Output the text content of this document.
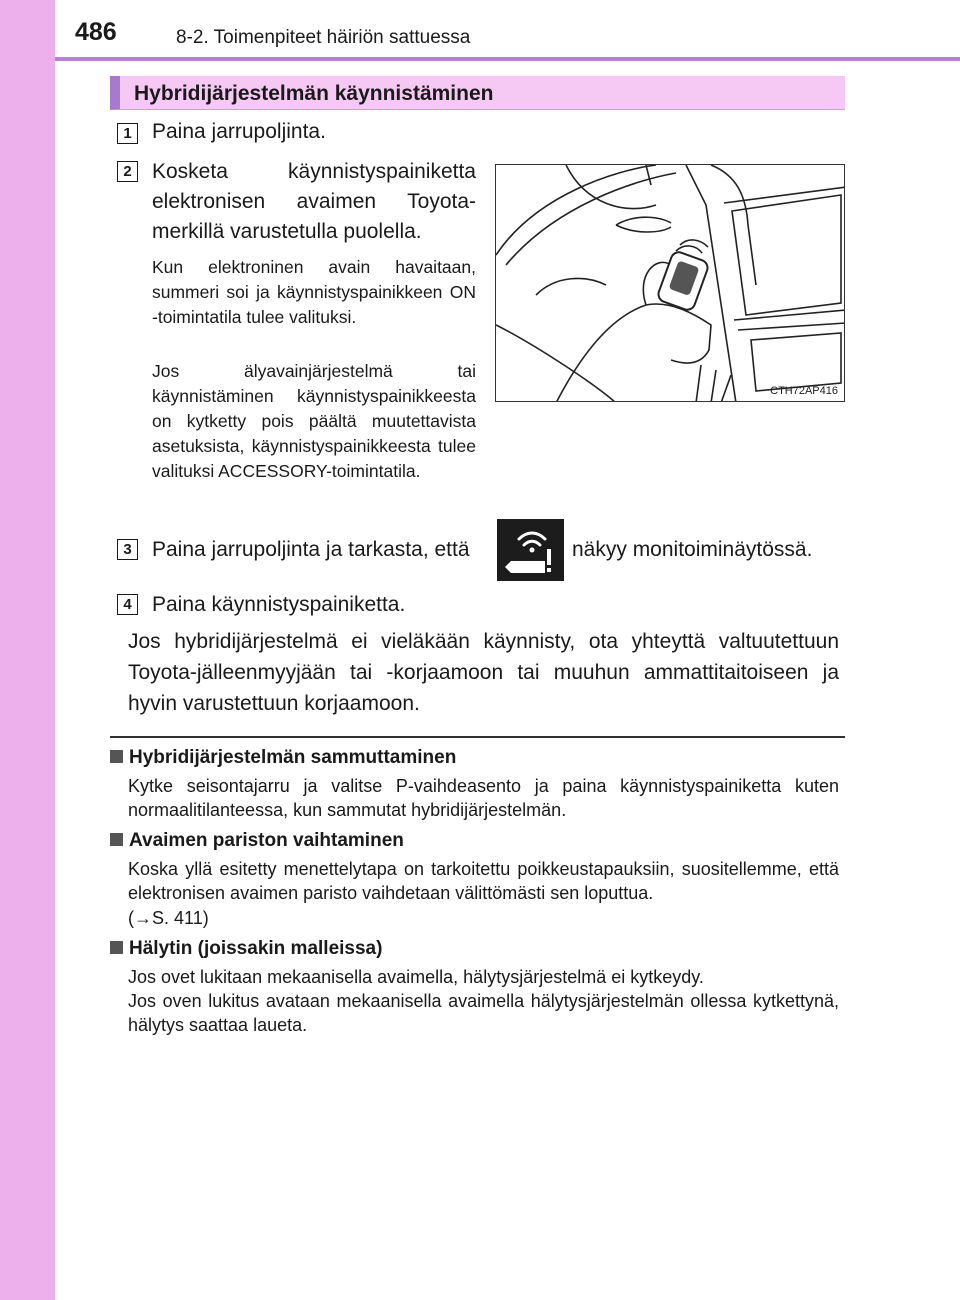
486	8-2. Toimenpiteet häiriön sattuessa
Hybridijärjestelmän käynnistäminen
1 Paina jarrupoljinta.
2 Kosketa käynnistyspainiketta elektronisen avaimen Toyota-merkillä varustetulla puolella.
Kun elektroninen avain havaitaan, summeri soi ja käynnistyspainikkeen ON -toimintatila tulee valituksi.
Jos älyavainjärjestelmä tai käynnistäminen käynnistyspainikkeesta on kytketty pois päältä muutettavista asetuksista, käynnistyspainikkeesta tulee valituksi ACCESSORY-toimintatila.
CTH72AP416
3 Paina jarrupoljinta ja tarkasta, että	näkyy monitoiminäytössä.
4 Paina käynnistyspainiketta.
Jos hybridijärjestelmä ei vieläkään käynnisty, ota yhteyttä valtuutettuun Toyota-jälleenmyyjään tai -korjaamoon tai muuhun ammattitaitoiseen ja hyvin varustettuun korjaamoon.
Hybridijärjestelmän sammuttaminen
Kytke seisontajarru ja valitse P-vaihdeasento ja paina käynnistyspainiketta kuten normaalitilanteessa, kun sammutat hybridijärjestelmän.
Avaimen pariston vaihtaminen
Koska yllä esitetty menettelytapa on tarkoitettu poikkeustapauksiin, suositellemme, että elektronisen avaimen paristo vaihdetaan välittömästi sen loputtua.
(→S. 411)
Hälytin (joissakin malleissa)
Jos ovet lukitaan mekaanisella avaimella, hälytysjärjestelmä ei kytkeydy.
Jos oven lukitus avataan mekaanisella avaimella hälytysjärjestelmän ollessa kytkettynä, hälytys saattaa laueta.
